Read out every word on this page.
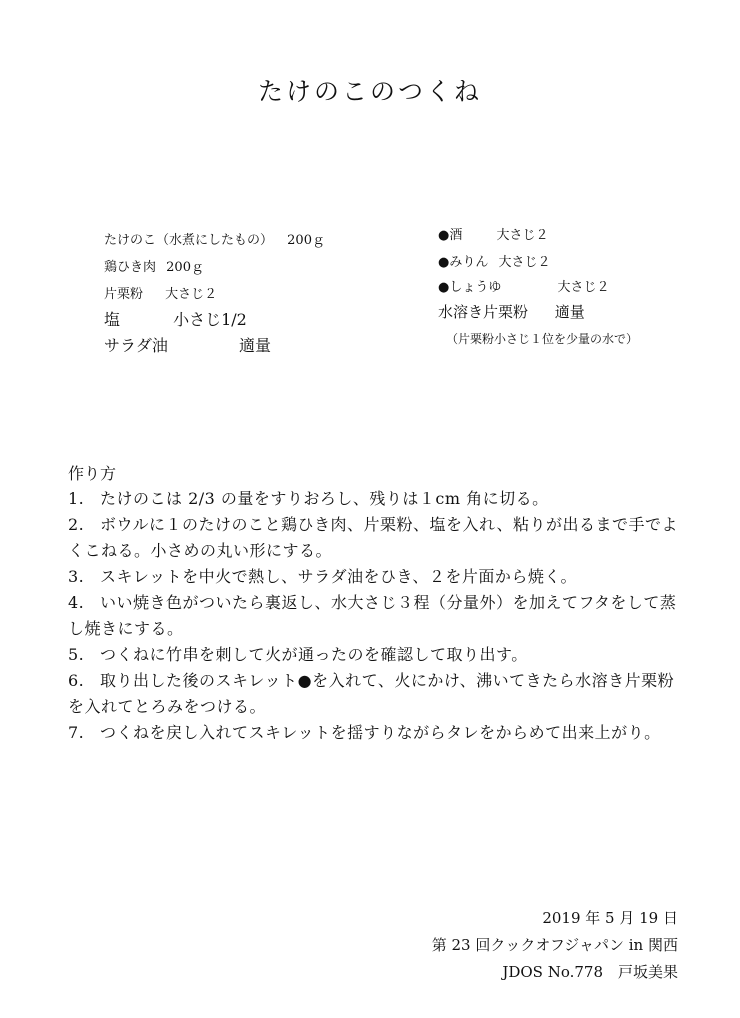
たけのこのつくね
たけのこ（水煮にしたもの） 200ｇ
鶏ひき肉 200ｇ
片栗粉 大さじ２
塩	小さじ1/2
サラダ油	適量
●酒	大さじ２
●みりん 大さじ２
●しょうゆ	大さじ２
水溶き片栗粉 適量
（片栗粉小さじ１位を少量の水で）
作り方
1. たけのこは 2/3 の量をすりおろし、残りは１cm 角に切る。
2. ボウルに１のたけのこと鶏ひき肉、片栗粉、塩を入れ、粘りが出るまで手でよくこねる。小さめの丸い形にする。
3. スキレットを中火で熱し、サラダ油をひき、２を片面から焼く。
4. いい焼き色がついたら裏返し、水大さじ３程（分量外）を加えてフタをして蒸し焼きにする。
5. つくねに竹串を刺して火が通ったのを確認して取り出す。
6. 取り出した後のスキレット●を入れて、火にかけ、沸いてきたら水溶き片栗粉を入れてとろみをつける。
7. つくねを戻し入れてスキレットを揺すりながらタレをからめて出来上がり。
2019 年 5 月 19 日
第 23 回クックオフジャパン in 関西
JDOS No.778　戸坂美果
